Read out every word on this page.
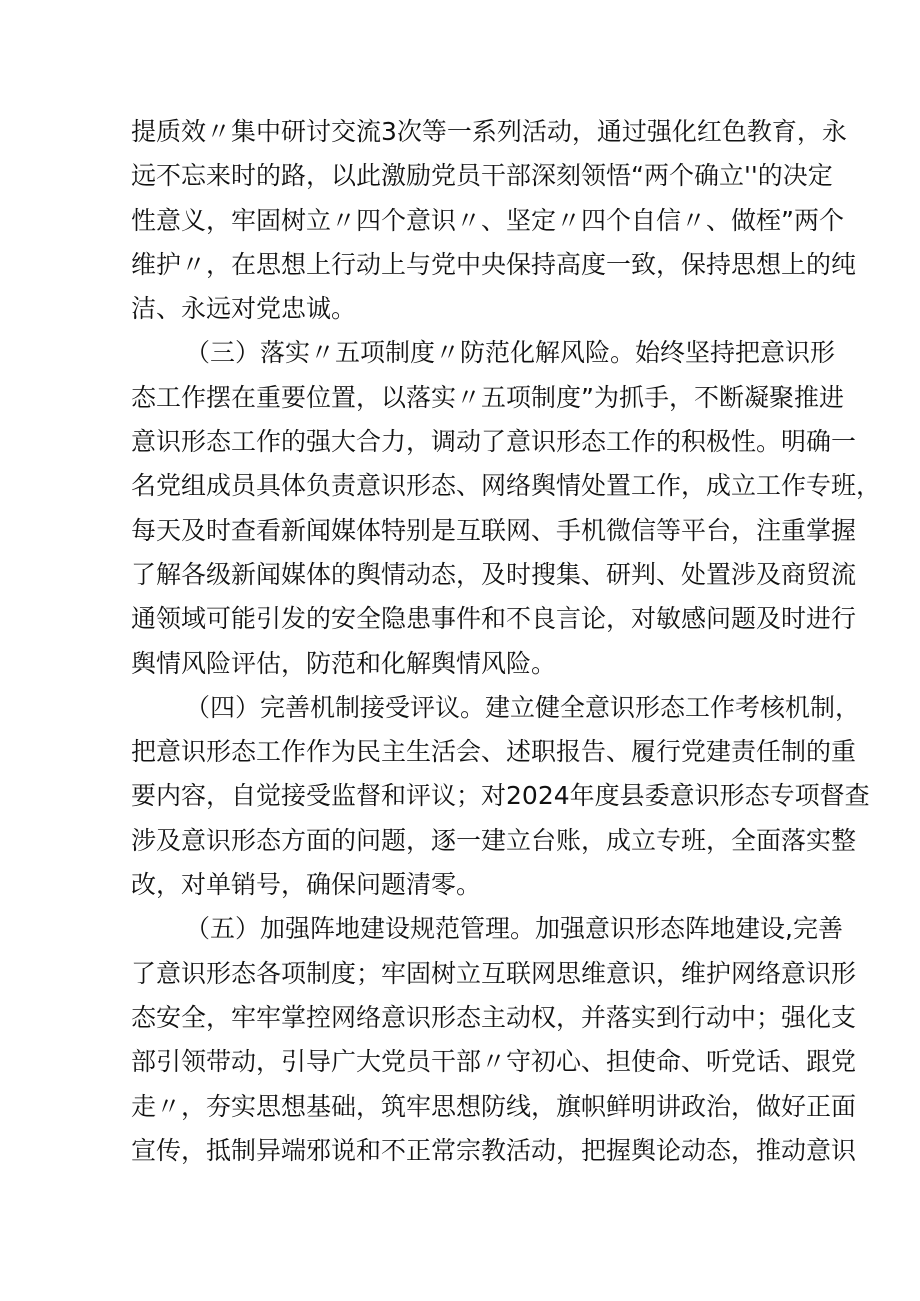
提质效〃集中研讨交流3次等一系列活动，通过强化红色教育，永
远不忘来时的路，以此激励党员干部深刻领悟“两个确立''的决定
性意义，牢固树立〃四个意识〃、坚定〃四个自信〃、做桎”两个
维护〃，在思想上行动上与党中央保持高度一致，保持思想上的纯
洁、永远对党忠诚。

（三）落实〃五项制度〃防范化解风险。始终坚持把意识形
态工作摆在重要位置，以落实〃五项制度”为抓手，不断凝聚推进
意识形态工作的强大合力，调动了意识形态工作的积极性。明确一
名党组成员具体负责意识形态、网络舆情处置工作，成立工作专班，
每天及时查看新闻媒体特别是互联网、手机微信等平台，注重掌握
了解各级新闻媒体的舆情动态，及时搜集、研判、处置涉及商贸流
通领域可能引发的安全隐患事件和不良言论，对敏感问题及时进行
舆情风险评估，防范和化解舆情风险。

（四）完善机制接受评议。建立健全意识形态工作考核机制，
把意识形态工作作为民主生活会、述职报告、履行党建责任制的重
要内容，自觉接受监督和评议；对2024年度县委意识形态专项督查
涉及意识形态方面的问题，逐一建立台账，成立专班，全面落实整
改，对单销号，确保问题清零。

（五）加强阵地建设规范管理。加强意识形态阵地建设,完善
了意识形态各项制度；牢固树立互联网思维意识，维护网络意识形
态安全，牢牢掌控网络意识形态主动权，并落实到行动中；强化支
部引领带动，引导广大党员干部〃守初心、担使命、听党话、跟党
走〃，夯实思想基础，筑牢思想防线，旗帜鲜明讲政治，做好正面
宣传，抵制异端邪说和不正常宗教活动，把握舆论动态，推动意识
